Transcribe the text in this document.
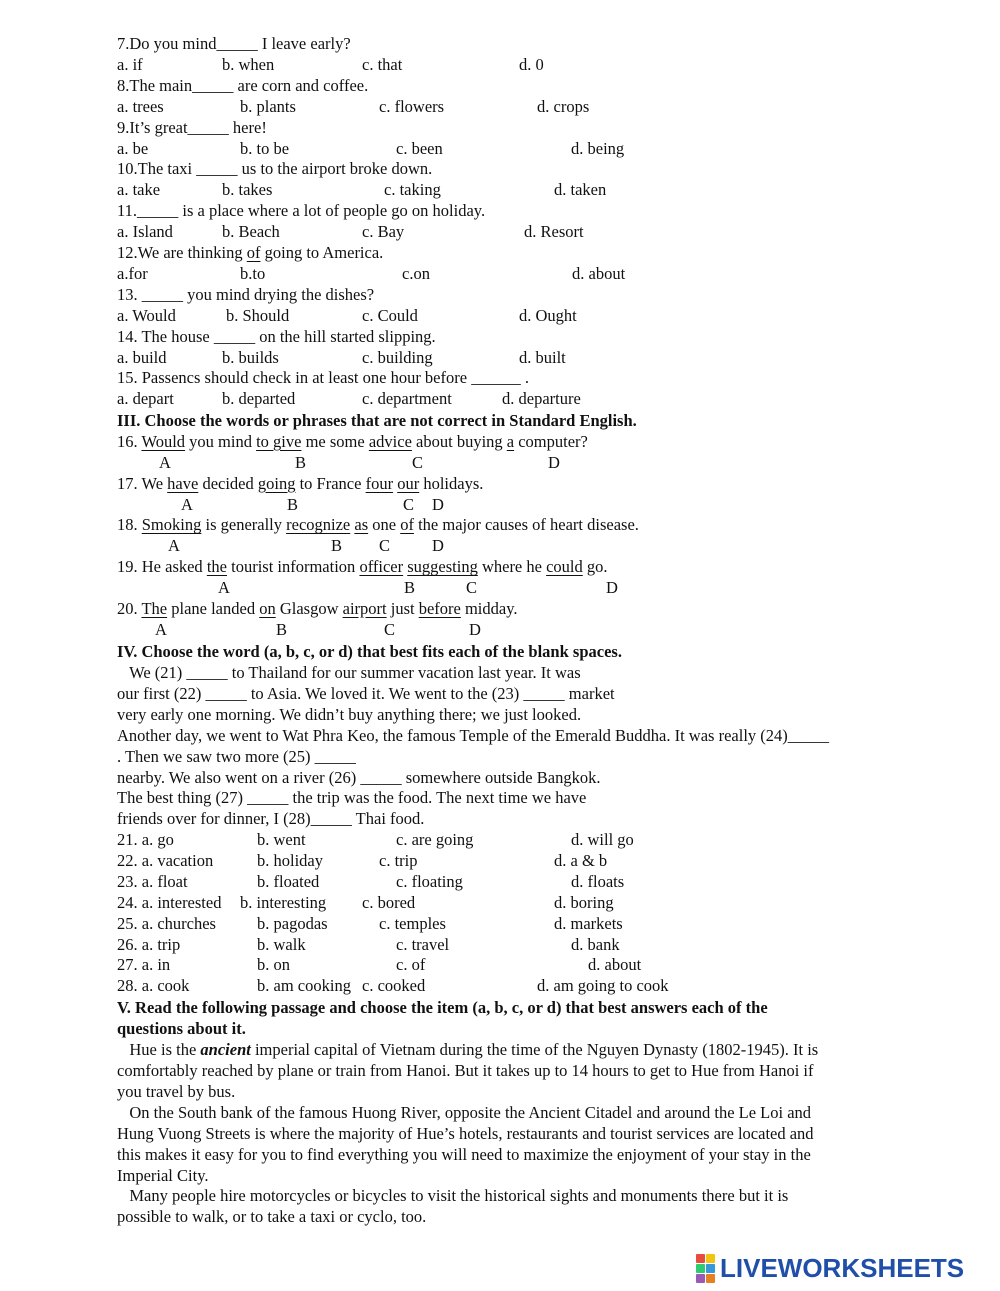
7.Do you mind_____ I leave early?
a. if	b. when	c. that	d. 0
8.The main_____ are corn and coffee.
a. trees	b. plants	c. flowers	d. crops
9.It’s great_____ here!
a. be	b. to be	c. been	d. being
10.The taxi _____ us to the airport broke down.
a. take	b. takes	c. taking	d. taken
11._____ is a place where a lot of people go on holiday.
a. Island	b. Beach	c. Bay	d. Resort
12.We are thinking of going to America.
a.for	b.to	c.on	d. about
13. _____ you mind drying the dishes?
a. Would	b. Should	c. Could	d. Ought
14. The house _____ on the hill started slipping.
a. build	b. builds	c. building	d. built
15. Passencs should check in at least one hour before ______ .
a. depart	b. departed	c. department	d. departure
III. Choose the words or phrases that are not correct in Standard English.
16. Would you mind to give me some advice about buying a computer?
A	B	C	D
17. We have decided going to France four our holidays.
A	B	C D
18. Smoking is generally recognize as one of the major causes of heart disease.
A	B C	D
19. He asked the tourist information officer suggesting where he could go.
A	B	C	D
20. The plane landed on Glasgow airport just before midday.
A	B	C	D
IV. Choose the word (a, b, c, or d) that best fits each of the blank spaces.
We (21) _____ to Thailand for our summer vacation last year. It was
our first (22) _____ to Asia. We loved it. We went to the (23) _____ market
very early one morning. We didn’t buy anything there; we just looked.
Another day, we went to Wat Phra Keo, the famous Temple of the Emerald Buddha. It was really (24)_____
. Then we saw two more (25) _____
nearby. We also went on a river (26) _____ somewhere outside Bangkok.
The best thing (27) _____ the trip was the food. The next time we have
friends over for dinner, I (28)_____ Thai food.
21. a. go	b. went	c. are going	d. will go
22. a. vacation	b. holiday	c. trip	d. a & b
23. a. float	b. floated	c. floating	d. floats
24. a. interested b. interesting c. bored	d. boring
25. a. churches b. pagodas	c. temples	d. markets
26. a. trip	b. walk	c. travel	d. bank
27. a. in	b. on	c. of	d. about
28. a. cook	b. am cooking c. cooked	d. am going to cook
V. Read the following passage and choose the item (a, b, c, or d) that best answers each of the
questions about it.
Hue is the ancient imperial capital of Vietnam during the time of the Nguyen Dynasty (1802-1945). It is
comfortably reached by plane or train from Hanoi. But it takes up to 14 hours to get to Hue from Hanoi if
you travel by bus.
On the South bank of the famous Huong River, opposite the Ancient Citadel and around the Le Loi and
Hung Vuong Streets is where the majority of Hue’s hotels, restaurants and tourist services are located and
this makes it easy for you to find everything you will need to maximize the enjoyment of your stay in the
Imperial City.
Many people hire motorcycles or bicycles to visit the historical sights and monuments there but it is
possible to walk, or to take a taxi or cyclo, too.
LIVEWORKSHEETS
